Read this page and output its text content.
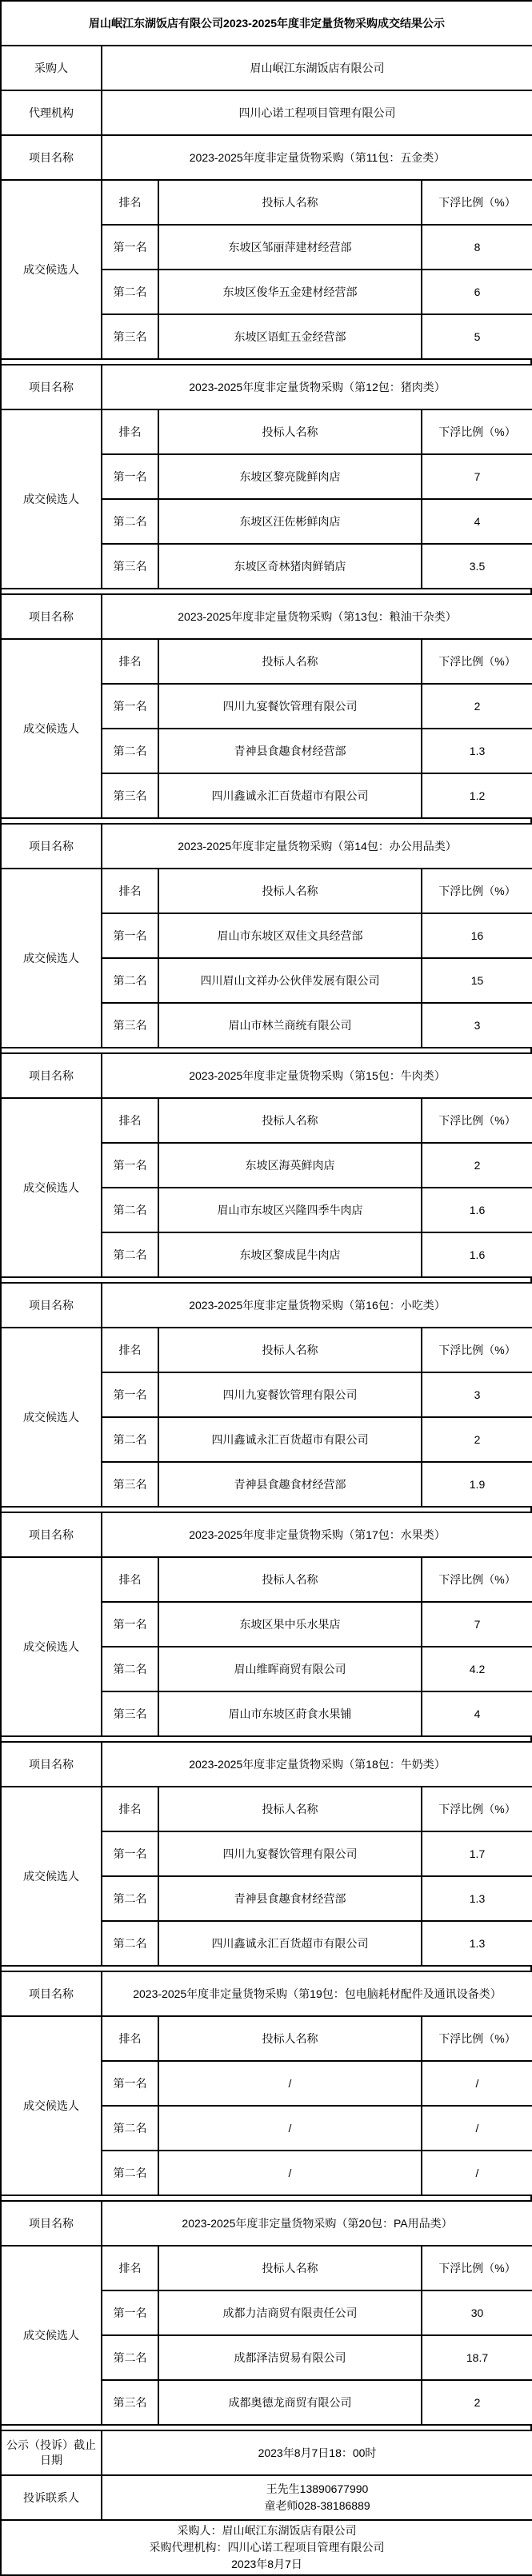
眉山岷江东湖饭店有限公司2023-2025年度非定量货物采购成交结果公示	
采购人	眉山岷江东湖饭店有限公司
代理机构	四川心诺工程项目管理有限公司
项目名称	2023-2025年度非定量货物采购（第11包：五金类）		
成交候选人	排名	投标人名称	下浮比例（%）
	第一名	东坡区邹丽萍建材经营部	8
	第二名	东坡区俊华五金建材经营部	6
	第三名	东坡区语虹五金经营部	5
项目名称	2023-2025年度非定量货物采购（第12包：猪肉类）		
成交候选人	排名	投标人名称	下浮比例（%）
	第一名	东坡区黎亮陇鲜肉店	7
	第二名	东坡区汪佐彬鲜肉店	4
	第三名	东坡区奇林猪肉鲜销店	3.5
项目名称	2023-2025年度非定量货物采购（第13包：粮油干杂类）		
成交候选人	排名	投标人名称	下浮比例（%）
	第一名	四川九宴餐饮管理有限公司	2
	第二名	青神县食趣食材经营部	1.3
	第三名	四川鑫诚永汇百货超市有限公司	1.2
项目名称	2023-2025年度非定量货物采购（第14包：办公用品类）		
成交候选人	排名	投标人名称	下浮比例（%）
	第一名	眉山市东坡区双佳文具经营部	16
	第二名	四川眉山文祥办公伙伴发展有限公司	15
	第三名	眉山市林兰商统有限公司	3
项目名称	2023-2025年度非定量货物采购（第15包：牛肉类）		
成交候选人	排名	投标人名称	下浮比例（%）
	第一名	东坡区海英鲜肉店	2
	第二名	眉山市东坡区兴隆四季牛肉店	1.6
	第二名	东坡区黎成昆牛肉店	1.6
项目名称	2023-2025年度非定量货物采购（第16包：小吃类）		
成交候选人	排名	投标人名称	下浮比例（%）
	第一名	四川九宴餐饮管理有限公司	3
	第二名	四川鑫诚永汇百货超市有限公司	2
	第三名	青神县食趣食材经营部	1.9
项目名称	2023-2025年度非定量货物采购（第17包：水果类）		
成交候选人	排名	投标人名称	下浮比例（%）
	第一名	东坡区果中乐水果店	7
	第二名	眉山维晖商贸有限公司	4.2
	第三名	眉山市东坡区莳食水果铺	4
项目名称	2023-2025年度非定量货物采购（第18包：牛奶类）		
成交候选人	排名	投标人名称	下浮比例（%）
	第一名	四川九宴餐饮管理有限公司	1.7
	第二名	青神县食趣食材经营部	1.3
	第二名	四川鑫诚永汇百货超市有限公司	1.3
项目名称	2023-2025年度非定量货物采购（第19包：包电脑耗材配件及通讯设备类）		
成交候选人	排名	投标人名称	下浮比例（%）
	第一名	/	/
	第二名	/	/
	第二名	/	/
项目名称	2023-2025年度非定量货物采购（第20包：PA用品类）		
成交候选人	排名	投标人名称	下浮比例（%）
	第一名	成都力洁商贸有限责任公司	30
	第二名	成都泽洁贸易有限公司	18.7
	第三名	成都奥德龙商贸有限公司	2
公示（投诉）截止日期	2023年8月7日18：00时
投诉联系人	王先生13890677990
童老师028-38186889

采购人：眉山岷江东湖饭店有限公司
采购代理机构：四川心诺工程项目管理有限公司
2023年8月7日	
